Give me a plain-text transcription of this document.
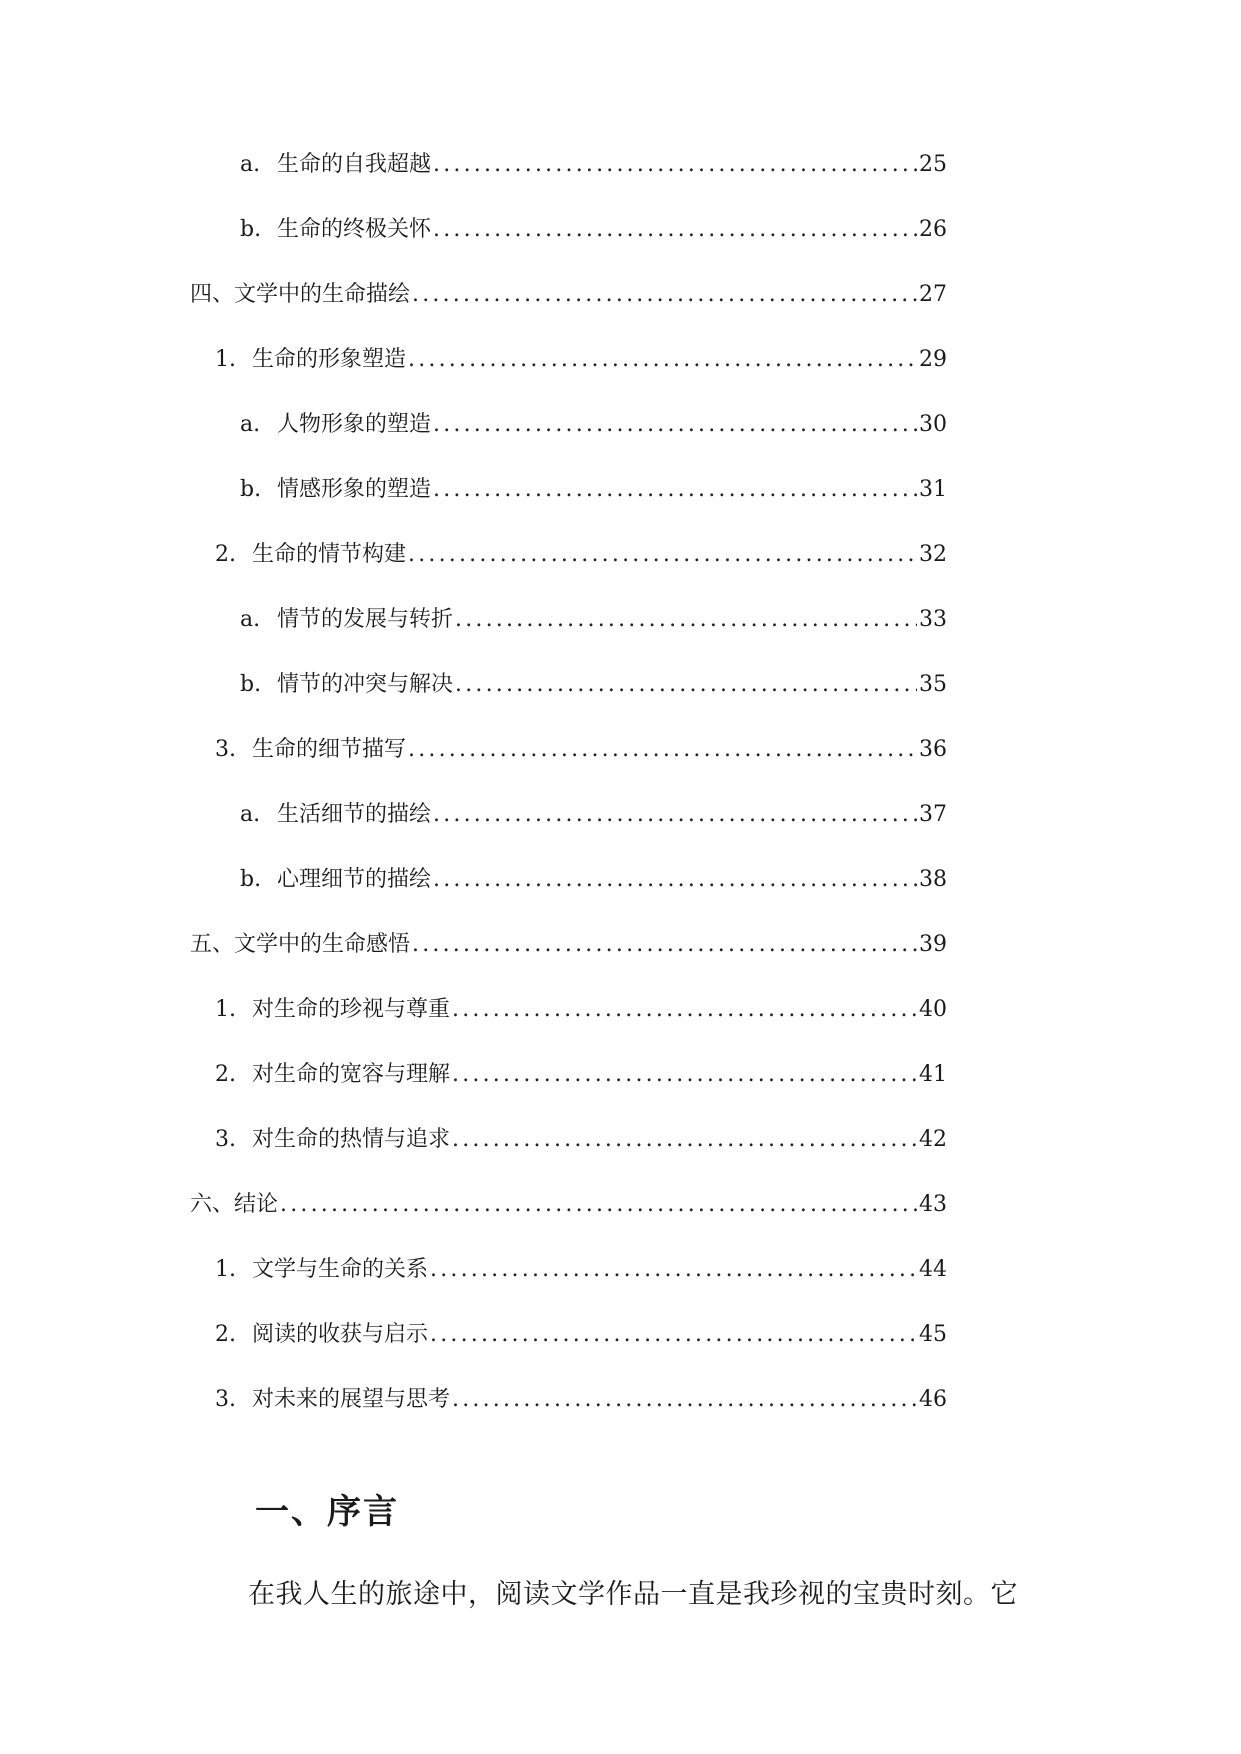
a. 生命的自我超越 .....	25
b. 生命的终极关怀 .....	26
四、文学中的生命描绘 .....	27
1. 生命的形象塑造 .....	29
a. 人物形象的塑造 .....	30
b. 情感形象的塑造 .....	31
2. 生命的情节构建 .....	32
a. 情节的发展与转折 .....	33
b. 情节的冲突与解决 .....	35
3. 生命的细节描写 .....	36
a. 生活细节的描绘 .....	37
b. 心理细节的描绘 .....	38
五、文学中的生命感悟 .....	39
1. 对生命的珍视与尊重 .....	40
2. 对生命的宽容与理解 .....	41
3. 对生命的热情与追求 .....	42
六、结论 .....	43
1. 文学与生命的关系 .....	44
2. 阅读的收获与启示 .....	45
3. 对未来的展望与思考 .....	46
一、序言
在我人生的旅途中，阅读文学作品一直是我珍视的宝贵时刻。它
